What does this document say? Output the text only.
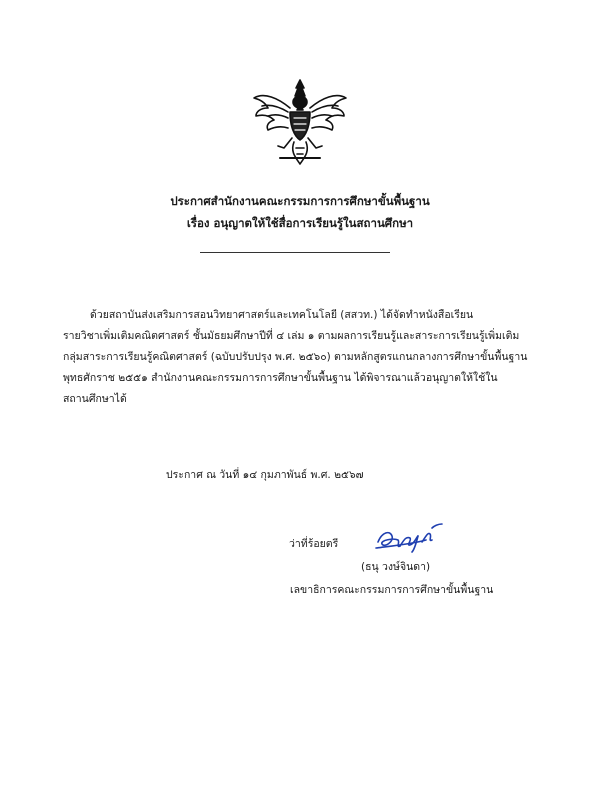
ประกาศสำนักงานคณะกรรมการการศึกษาขั้นพื้นฐาน
เรื่อง อนุญาตให้ใช้สื่อการเรียนรู้ในสถานศึกษา
ด้วยสถาบันส่งเสริมการสอนวิทยาศาสตร์และเทคโนโลยี (สสวท.) ได้จัดทำหนังสือเรียน
รายวิชาเพิ่มเติมคณิตศาสตร์ ชั้นมัธยมศึกษาปีที่ ๔ เล่ม ๑ ตามผลการเรียนรู้และสาระการเรียนรู้เพิ่มเติม
กลุ่มสาระการเรียนรู้คณิตศาสตร์ (ฉบับปรับปรุง พ.ศ. ๒๕๖๐) ตามหลักสูตรแกนกลางการศึกษาขั้นพื้นฐาน
พุทธศักราช ๒๕๕๑ สำนักงานคณะกรรมการการศึกษาขั้นพื้นฐาน ได้พิจารณาแล้วอนุญาตให้ใช้ใน
สถานศึกษาได้
ประกาศ ณ วันที่ ๑๔ กุมภาพันธ์ พ.ศ. ๒๕๖๗
ว่าที่ร้อยตรี
(ธนุ วงษ์จินดา)
เลขาธิการคณะกรรมการการศึกษาขั้นพื้นฐาน
